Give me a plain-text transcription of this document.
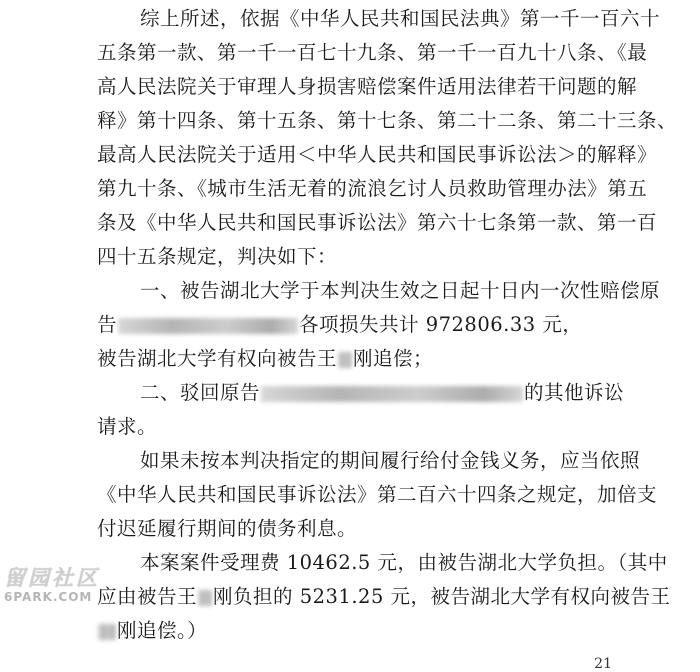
综上所述，依据《中华人民共和国民法典》第一千一百六十
五条第一款、第一千一百七十九条、第一千一百九十八条、《最
高人民法院关于审理人身损害赔偿案件适用法律若干问题的解
释》第十四条、第十五条、第十七条、第二十二条、第二十三条、
最高人民法院关于适用＜中华人民共和国民事诉讼法＞的解释》
第九十条、《城市生活无着的流浪乞讨人员救助管理办法》第五
条及《中华人民共和国民事诉讼法》第六十七条第一款、第一百
四十五条规定，判决如下：
一、被告湖北大学于本判决生效之日起十日内一次性赔偿原
告	各项损失共计 972806.33 元，
被告湖北大学有权向被告王 刚追偿；
二、驳回原告	的其他诉讼
请求。
如果未按本判决指定的期间履行给付金钱义务，应当依照
《中华人民共和国民事诉讼法》第二百六十四条之规定，加倍支
付迟延履行期间的债务利息。
本案案件受理费 10462.5 元，由被告湖北大学负担。（其中
应由被告王 刚负担的 5231.25 元，被告湖北大学有权向被告王
刚追偿。）
留园社区
6PARK.COM
21
